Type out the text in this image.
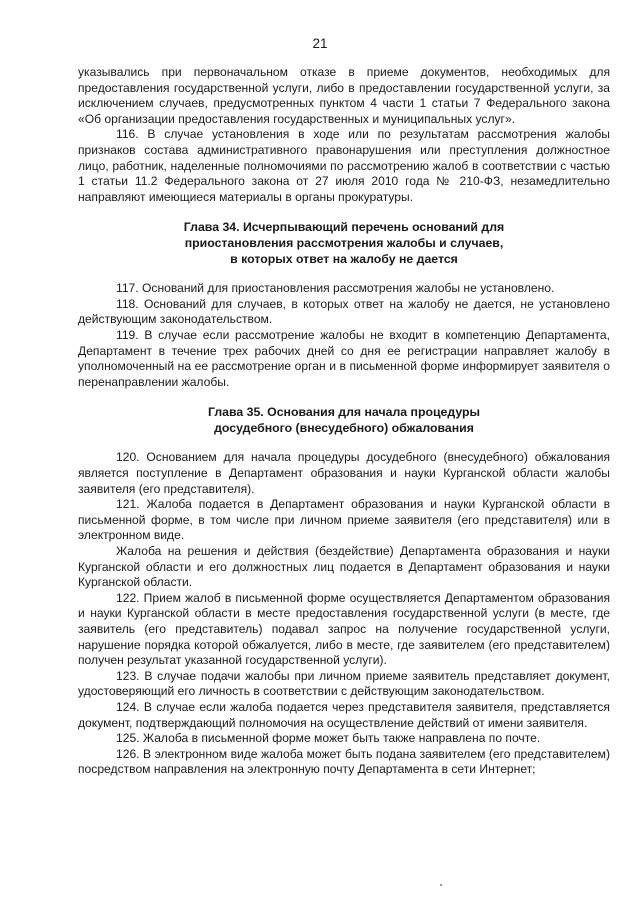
21

указывались при первоначальном отказе в приеме документов, необходимых для предоставления государственной услуги, либо в предоставлении государственной услуги, за исключением случаев, предусмотренных пунктом 4 части 1 статьи 7 Федерального закона «Об организации предоставления государственных и муниципальных услуг».

116. В случае установления в ходе или по результатам рассмотрения жалобы признаков состава административного правонарушения или преступления должностное лицо, работник, наделенные полномочиями по рассмотрению жалоб в соответствии с частью 1 статьи 11.2 Федерального закона от 27 июля 2010 года № 210-ФЗ, незамедлительно направляют имеющиеся материалы в органы прокуратуры.

Глава 34. Исчерпывающий перечень оснований для
приостановления рассмотрения жалобы и случаев,
в которых ответ на жалобу не дается

117. Оснований для приостановления рассмотрения жалобы не установлено.

118. Оснований для случаев, в которых ответ на жалобу не дается, не установлено действующим законодательством.

119. В случае если рассмотрение жалобы не входит в компетенцию Департамента, Департамент в течение трех рабочих дней со дня ее регистрации направляет жалобу в уполномоченный на ее рассмотрение орган и в письменной форме информирует заявителя о перенаправлении жалобы.

Глава 35. Основания для начала процедуры
досудебного (внесудебного) обжалования

120. Основанием для начала процедуры досудебного (внесудебного) обжалования является поступление в Департамент образования и науки Курганской области жалобы заявителя (его представителя).

121. Жалоба подается в Департамент образования и науки Курганской области в письменной форме, в том числе при личном приеме заявителя (его представителя) или в электронном виде.

Жалоба на решения и действия (бездействие) Департамента образования и науки Курганской области и его должностных лиц подается в Департамент образования и науки Курганской области.

122. Прием жалоб в письменной форме осуществляется Департаментом образования и науки Курганской области в месте предоставления государственной услуги (в месте, где заявитель (его представитель) подавал запрос на получение государственной услуги, нарушение порядка которой обжалуется, либо в месте, где заявителем (его представителем) получен результат указанной государственной услуги).

123. В случае подачи жалобы при личном приеме заявитель представляет документ, удостоверяющий его личность в соответствии с действующим законодательством.

124. В случае если жалоба подается через представителя заявителя, представляется документ, подтверждающий полномочия на осуществление действий от имени заявителя.

125. Жалоба в письменной форме может быть также направлена по почте.

126. В электронном виде жалоба может быть подана заявителем (его представителем) посредством направления на электронную почту Департамента в сети Интернет;
